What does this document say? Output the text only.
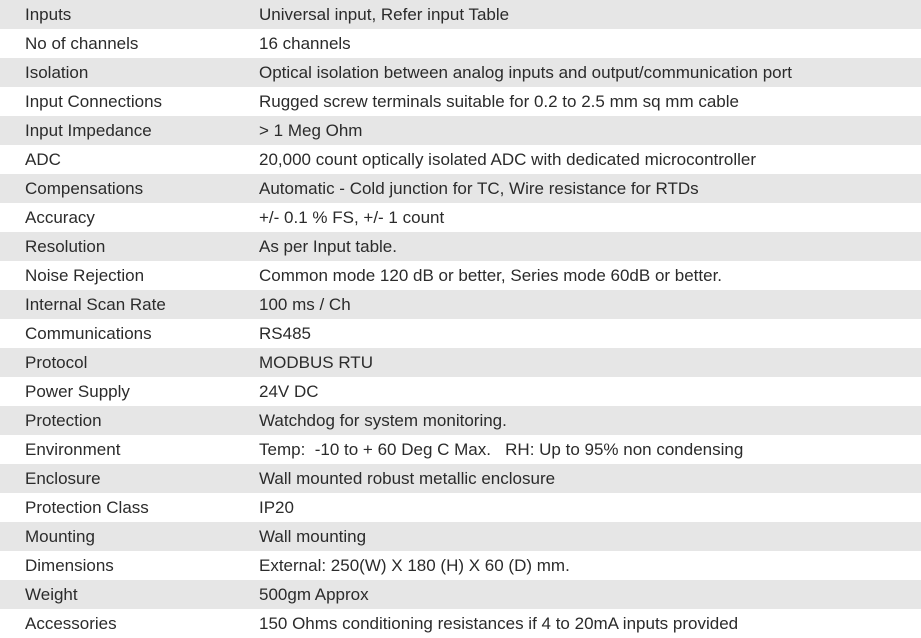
Inputs	Universal input, Refer input Table
No of channels	16 channels
Isolation	Optical isolation between analog inputs and output/communication port
Input Connections	Rugged screw terminals suitable for 0.2 to 2.5 mm sq mm cable
Input Impedance	> 1 Meg Ohm
ADC	20,000 count optically isolated ADC with dedicated microcontroller
Compensations	Automatic - Cold junction for TC, Wire resistance for RTDs
Accuracy	+/- 0.1 % FS, +/- 1 count
Resolution	As per Input table.
Noise Rejection	Common mode 120 dB or better, Series mode 60dB or better.
Internal Scan Rate	100 ms / Ch
Communications	RS485
Protocol	MODBUS RTU
Power Supply	24V DC
Protection	Watchdog for system monitoring.
Environment	Temp:  -10 to + 60 Deg C Max.   RH: Up to 95% non condensing
Enclosure	Wall mounted robust metallic enclosure
Protection Class	IP20
Mounting	Wall mounting
Dimensions	External: 250(W) X 180 (H) X 60 (D) mm.
Weight	500gm Approx
Accessories	150 Ohms conditioning resistances if 4 to 20mA inputs provided
